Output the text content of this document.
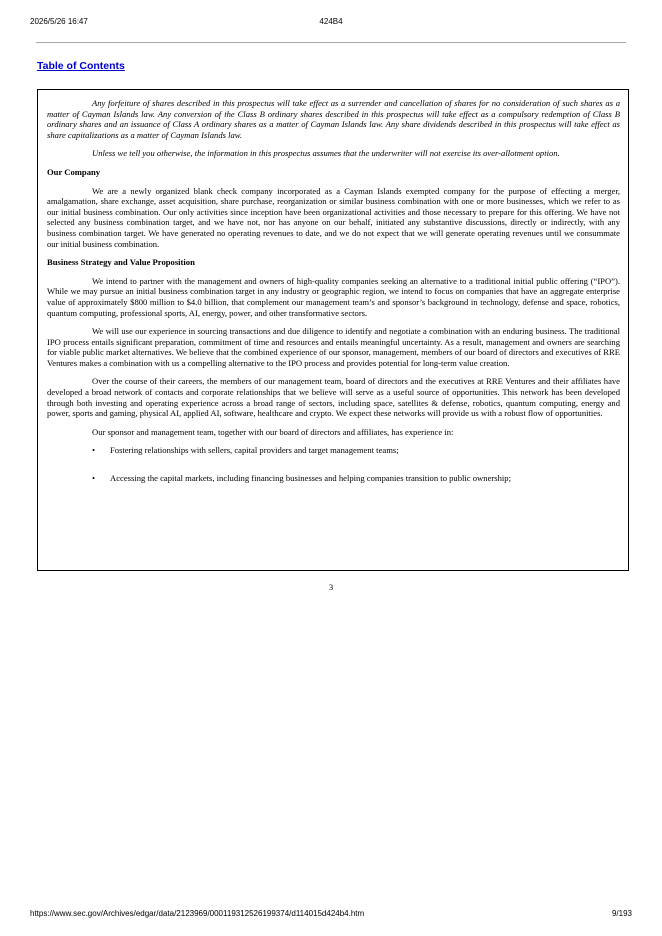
2026/5/26 16:47	424B4
Table of Contents

Any forfeiture of shares described in this prospectus will take effect as a surrender and cancellation of shares for no consideration of such shares as a matter of Cayman Islands law. Any conversion of the Class B ordinary shares described in this prospectus will take effect as a compulsory redemption of Class B ordinary shares and an issuance of Class A ordinary shares as a matter of Cayman Islands law. Any share dividends described in this prospectus will take effect as share capitalizations as a matter of Cayman Islands law.

Unless we tell you otherwise, the information in this prospectus assumes that the underwriter will not exercise its over-allotment option.

Our Company

We are a newly organized blank check company incorporated as a Cayman Islands exempted company for the purpose of effecting a merger, amalgamation, share exchange, asset acquisition, share purchase, reorganization or similar business combination with one or more businesses, which we refer to as our initial business combination. Our only activities since inception have been organizational activities and those necessary to prepare for this offering. We have not selected any business combination target, and we have not, nor has anyone on our behalf, initiated any substantive discussions, directly or indirectly, with any business combination target. We have generated no operating revenues to date, and we do not expect that we will generate operating revenues until we consummate our initial business combination.

Business Strategy and Value Proposition

We intend to partner with the management and owners of high-quality companies seeking an alternative to a traditional initial public offering (“IPO”). While we may pursue an initial business combination target in any industry or geographic region, we intend to focus on companies that have an aggregate enterprise value of approximately $800 million to $4.0 billion, that complement our management team’s and sponsor’s background in technology, defense and space, robotics, quantum computing, professional sports, AI, energy, power, and other transformative sectors.

We will use our experience in sourcing transactions and due diligence to identify and negotiate a combination with an enduring business. The traditional IPO process entails significant preparation, commitment of time and resources and entails meaningful uncertainty. As a result, management and owners are searching for viable public market alternatives. We believe that the combined experience of our sponsor, management, members of our board of directors and executives of RRE Ventures makes a combination with us a compelling alternative to the IPO process and provides potential for long-term value creation.

Over the course of their careers, the members of our management team, board of directors and the executives at RRE Ventures and their affiliates have developed a broad network of contacts and corporate relationships that we believe will serve as a useful source of opportunities. This network has been developed through both investing and operating experience across a broad range of sectors, including space, satellites & defense, robotics, quantum computing, energy and power, sports and gaming, physical AI, applied AI, software, healthcare and crypto. We expect these networks will provide us with a robust flow of opportunities.

Our sponsor and management team, together with our board of directors and affiliates, has experience in:

• Fostering relationships with sellers, capital providers and target management teams;
• Accessing the capital markets, including financing businesses and helping companies transition to public ownership;
3
https://www.sec.gov/Archives/edgar/data/2123969/000119312526199374/d114015d424b4.htm	9/193
